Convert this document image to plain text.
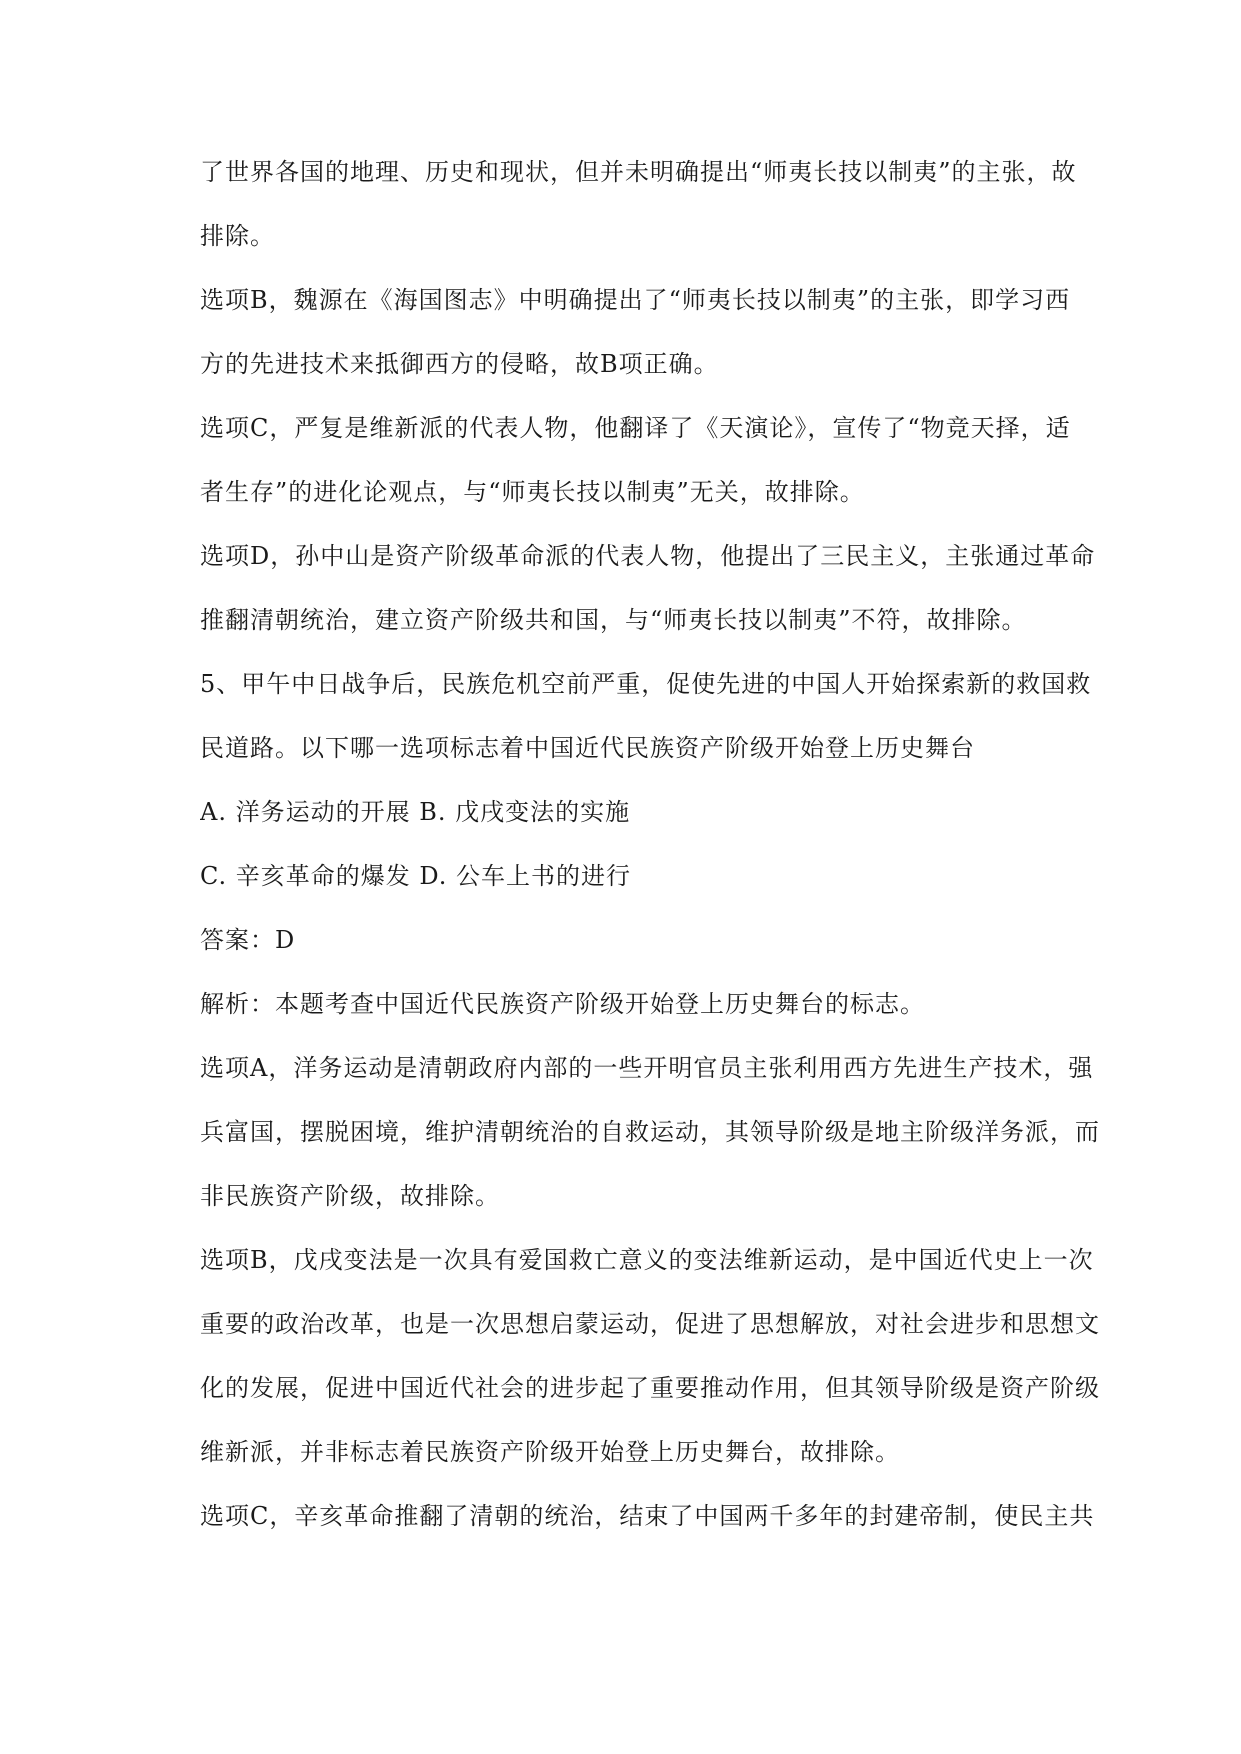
了世界各国的地理、历史和现状，但并未明确提出“师夷长技以制夷”的主张，故
排除。
选项B，魏源在《海国图志》中明确提出了“师夷长技以制夷”的主张，即学习西
方的先进技术来抵御西方的侵略，故B项正确。
选项C，严复是维新派的代表人物，他翻译了《天演论》，宣传了“物竞天择，适
者生存”的进化论观点，与“师夷长技以制夷”无关，故排除。
选项D，孙中山是资产阶级革命派的代表人物，他提出了三民主义，主张通过革命
推翻清朝统治，建立资产阶级共和国，与“师夷长技以制夷”不符，故排除。
5、甲午中日战争后，民族危机空前严重，促使先进的中国人开始探索新的救国救
民道路。以下哪一选项标志着中国近代民族资产阶级开始登上历史舞台
A. 洋务运动的开展 B. 戊戌变法的实施
C. 辛亥革命的爆发 D. 公车上书的进行
答案：D
解析：本题考查中国近代民族资产阶级开始登上历史舞台的标志。
选项A，洋务运动是清朝政府内部的一些开明官员主张利用西方先进生产技术，强
兵富国，摆脱困境，维护清朝统治的自救运动，其领导阶级是地主阶级洋务派，而
非民族资产阶级，故排除。
选项B，戊戌变法是一次具有爱国救亡意义的变法维新运动，是中国近代史上一次
重要的政治改革，也是一次思想启蒙运动，促进了思想解放，对社会进步和思想文
化的发展，促进中国近代社会的进步起了重要推动作用，但其领导阶级是资产阶级
维新派，并非标志着民族资产阶级开始登上历史舞台，故排除。
选项C，辛亥革命推翻了清朝的统治，结束了中国两千多年的封建帝制，使民主共
